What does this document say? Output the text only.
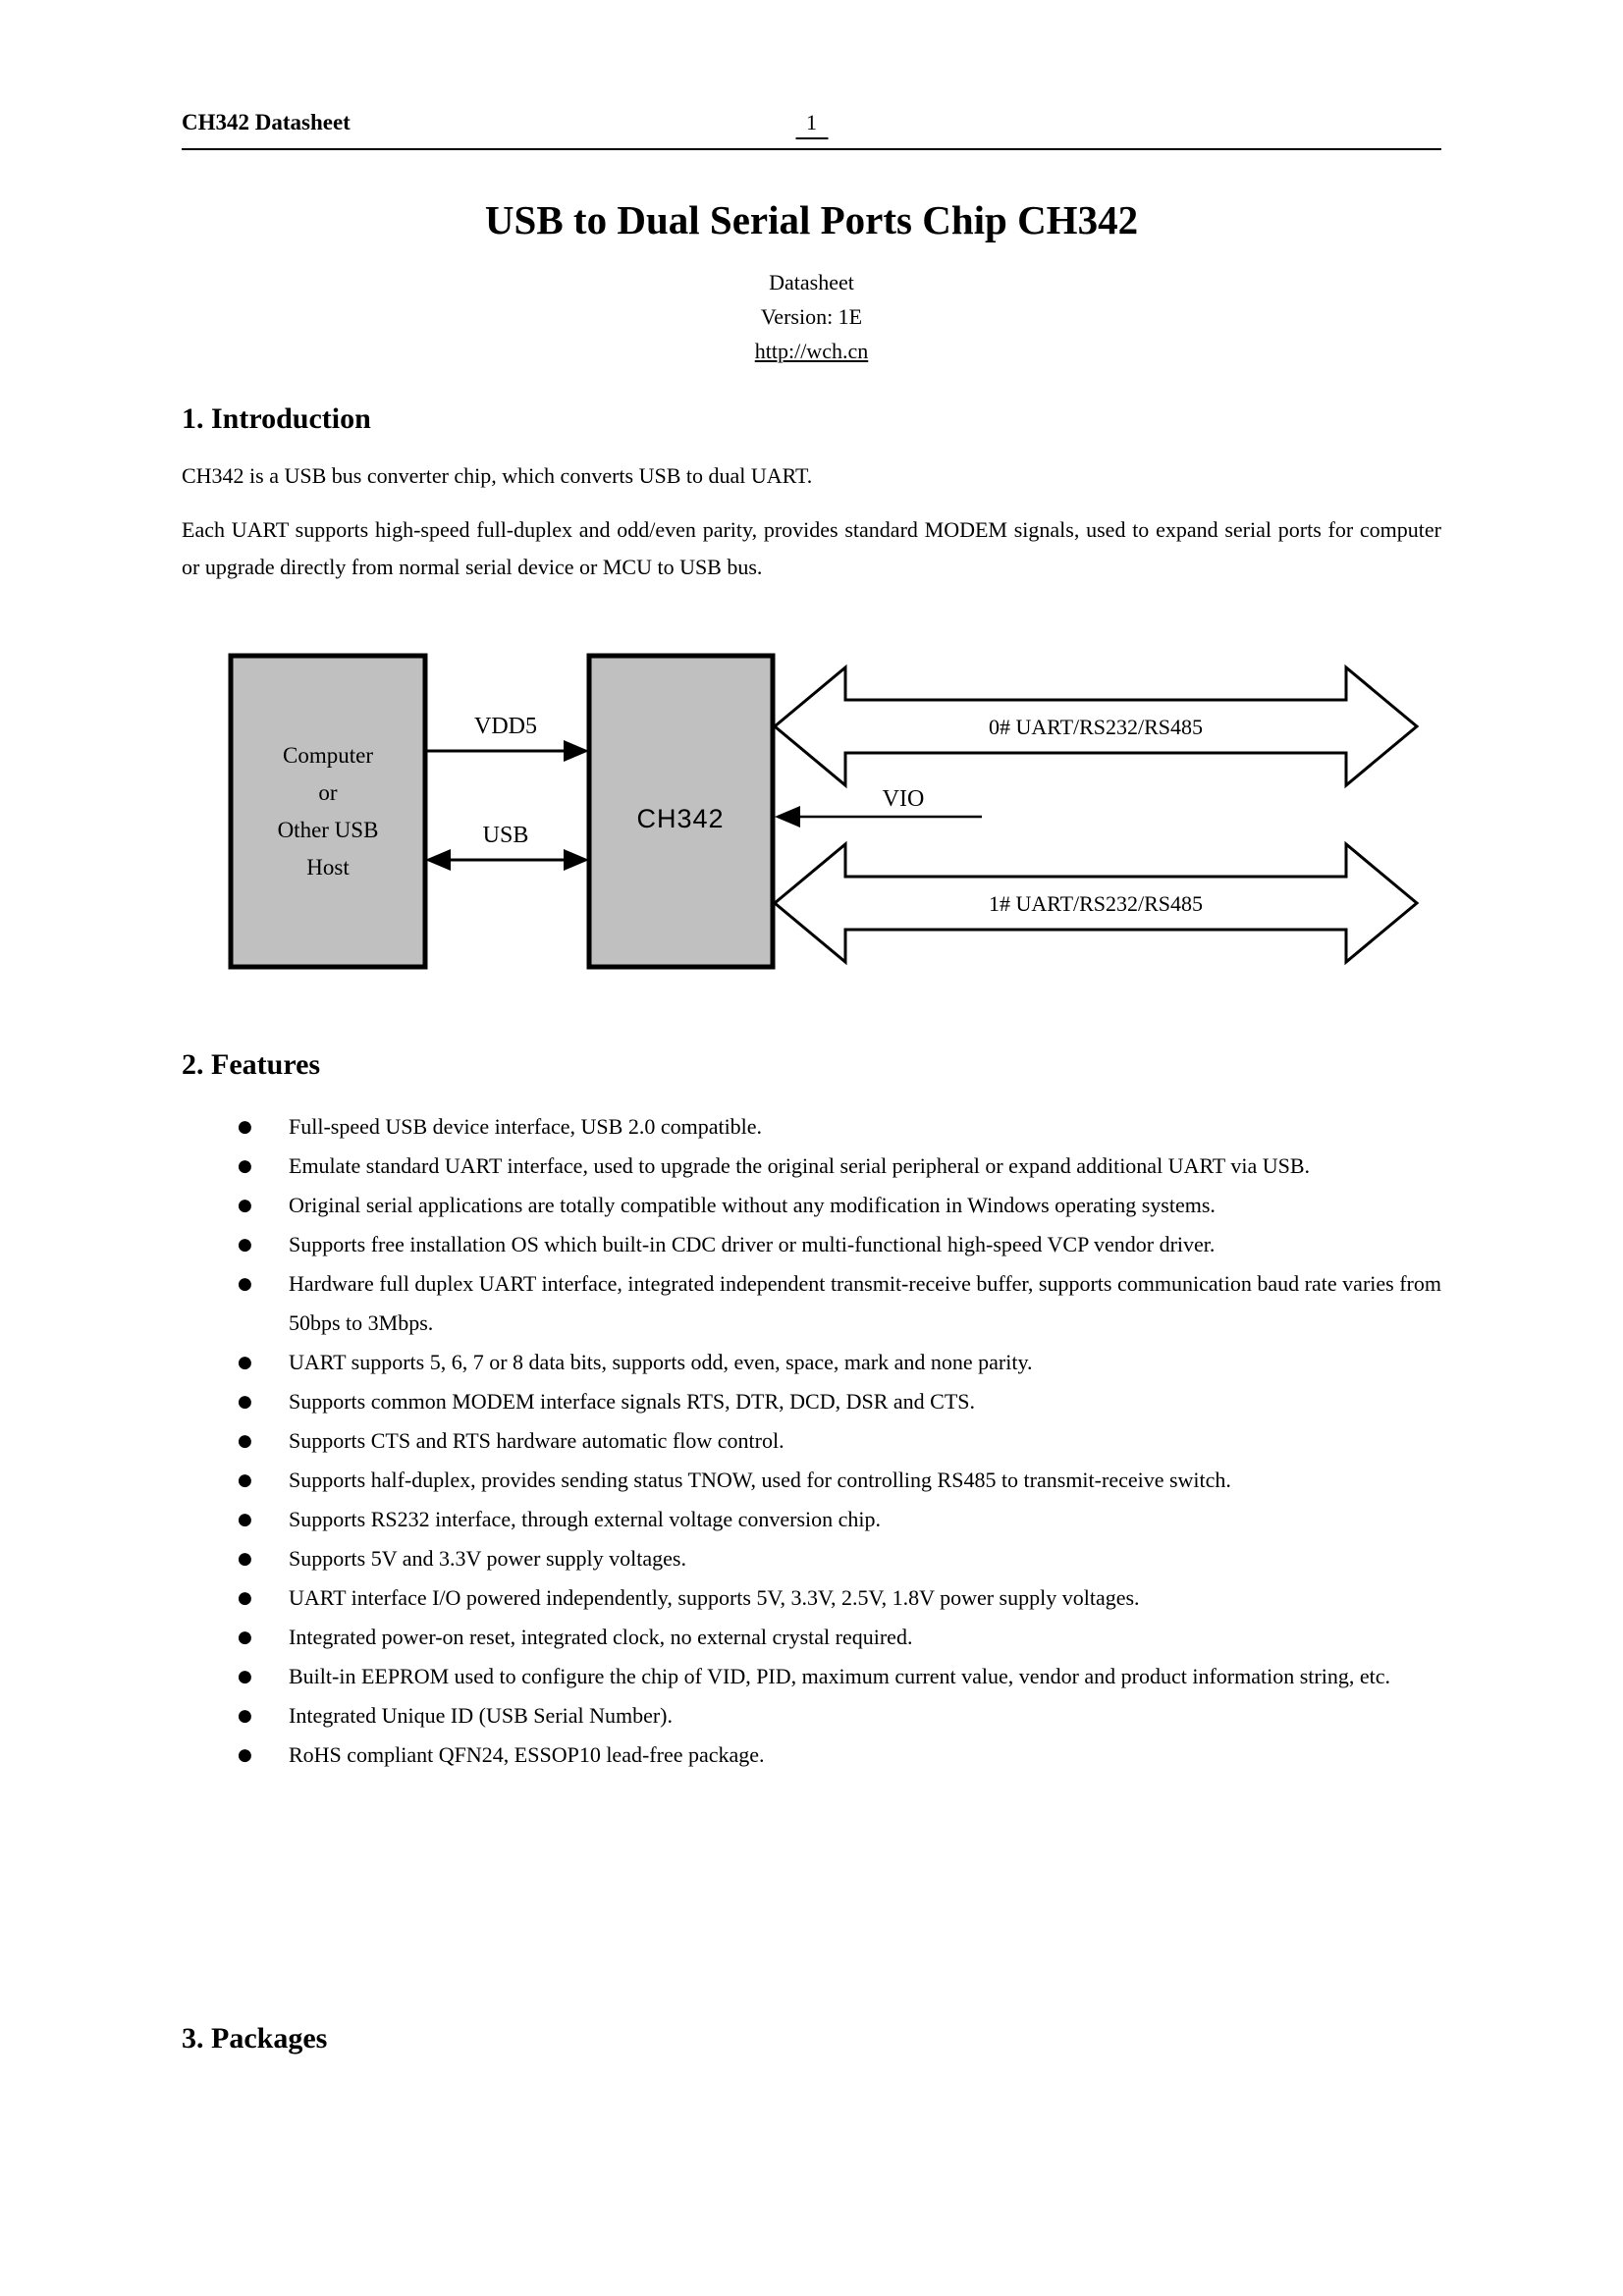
CH342 Datasheet	1
USB to Dual Serial Ports Chip CH342
Datasheet
Version: 1E
http://wch.cn
1. Introduction
CH342 is a USB bus converter chip, which converts USB to dual UART.
Each UART supports high-speed full-duplex and odd/even parity, provides standard MODEM signals, used to expand serial ports for computer or upgrade directly from normal serial device or MCU to USB bus.
Computer
or
Other USB
Host
CH342
VDD5
USB
0# UART/RS232/RS485
VIO
1# UART/RS232/RS485
2. Features
● Full-speed USB device interface, USB 2.0 compatible.
● Emulate standard UART interface, used to upgrade the original serial peripheral or expand additional UART via USB.
● Original serial applications are totally compatible without any modification in Windows operating systems.
● Supports free installation OS which built-in CDC driver or multi-functional high-speed VCP vendor driver.
● Hardware full duplex UART interface, integrated independent transmit-receive buffer, supports communication baud rate varies from 50bps to 3Mbps.
● UART supports 5, 6, 7 or 8 data bits, supports odd, even, space, mark and none parity.
● Supports common MODEM interface signals RTS, DTR, DCD, DSR and CTS.
● Supports CTS and RTS hardware automatic flow control.
● Supports half-duplex, provides sending status TNOW, used for controlling RS485 to transmit-receive switch.
● Supports RS232 interface, through external voltage conversion chip.
● Supports 5V and 3.3V power supply voltages.
● UART interface I/O powered independently, supports 5V, 3.3V, 2.5V, 1.8V power supply voltages.
● Integrated power-on reset, integrated clock, no external crystal required.
● Built-in EEPROM used to configure the chip of VID, PID, maximum current value, vendor and product information string, etc.
● Integrated Unique ID (USB Serial Number).
● RoHS compliant QFN24, ESSOP10 lead-free package.
3. Packages
